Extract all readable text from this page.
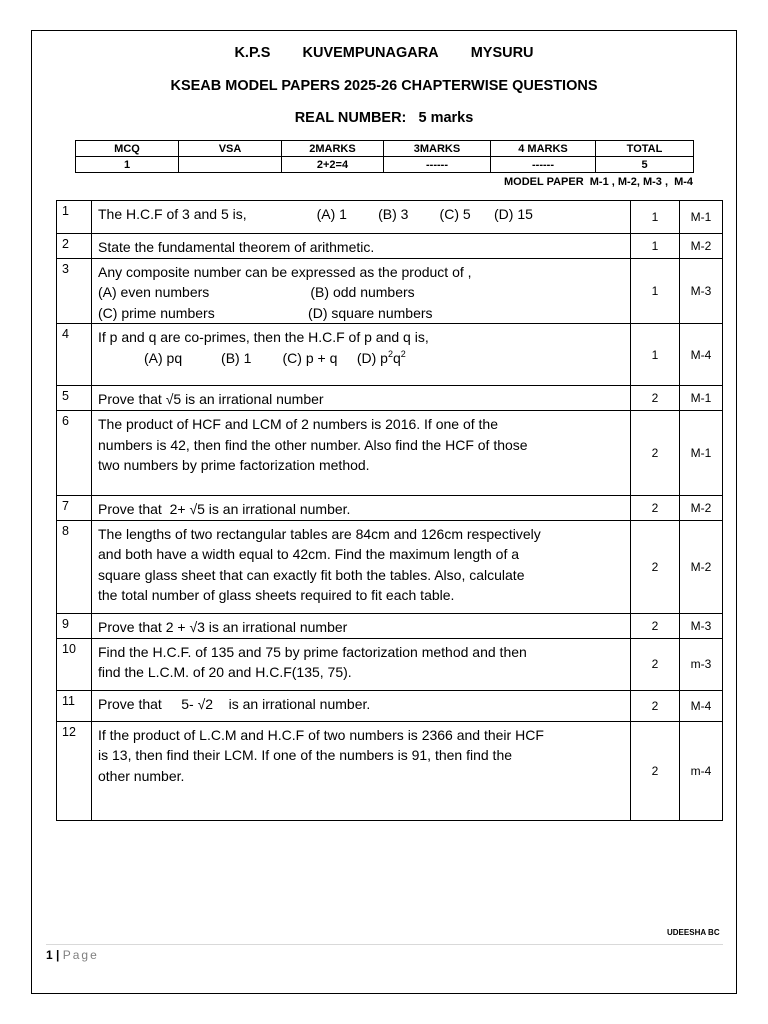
K.P.S KUVEMPUNAGARA MYSURU
KSEAB MODEL PAPERS 2025-26 CHAPTERWISE QUESTIONS
REAL NUMBER:   5 marks
MCQ	VSA	2MARKS	3MARKS	4 MARKS	TOTAL
1		2+2=4	------	------	5
MODEL PAPER  M-1 , M-2, M-3 ,  M-4
1	The H.C.F of 3 and 5 is,                  (A) 1        (B) 3        (C) 5      (D) 15	1	M-1
2	State the fundamental theorem of arithmetic.	1	M-2
3	Any composite number can be expressed as the product of ,
(A) even numbers                          (B) odd numbers
(C) prime numbers                        (D) square numbers	1	M-3
4	If p and q are co-primes, then the H.C.F of p and q is,
(A) pq (B) 1 (C) p + q (D) $p^2q^2$	1	M-4
5	Prove that √5 is an irrational number	2	M-1
6	The product of HCF and LCM of 2 numbers is 2016. If one of the
numbers is 42, then find the other number. Also find the HCF of those
two numbers by prime factorization method.	2	M-1
7	Prove that  2+ √5 is an irrational number.	2	M-2
8	The lengths of two rectangular tables are 84cm and 126cm respectively
and both have a width equal to 42cm. Find the maximum length of a
square glass sheet that can exactly fit both the tables. Also, calculate
the total number of glass sheets required to fit each table.	2	M-2
9	Prove that 2 + √3 is an irrational number	2	M-3
10	Find the H.C.F. of 135 and 75 by prime factorization method and then
find the L.C.M. of 20 and H.C.F(135, 75).	2	m-3
11	Prove that     5- √2    is an irrational number.	2	M-4
12	If the product of L.C.M and H.C.F of two numbers is 2366 and their HCF
is 13, then find their LCM. If one of the numbers is 91, then find the
other number.	2	m-4
UDEESHA BC
1 | Page
